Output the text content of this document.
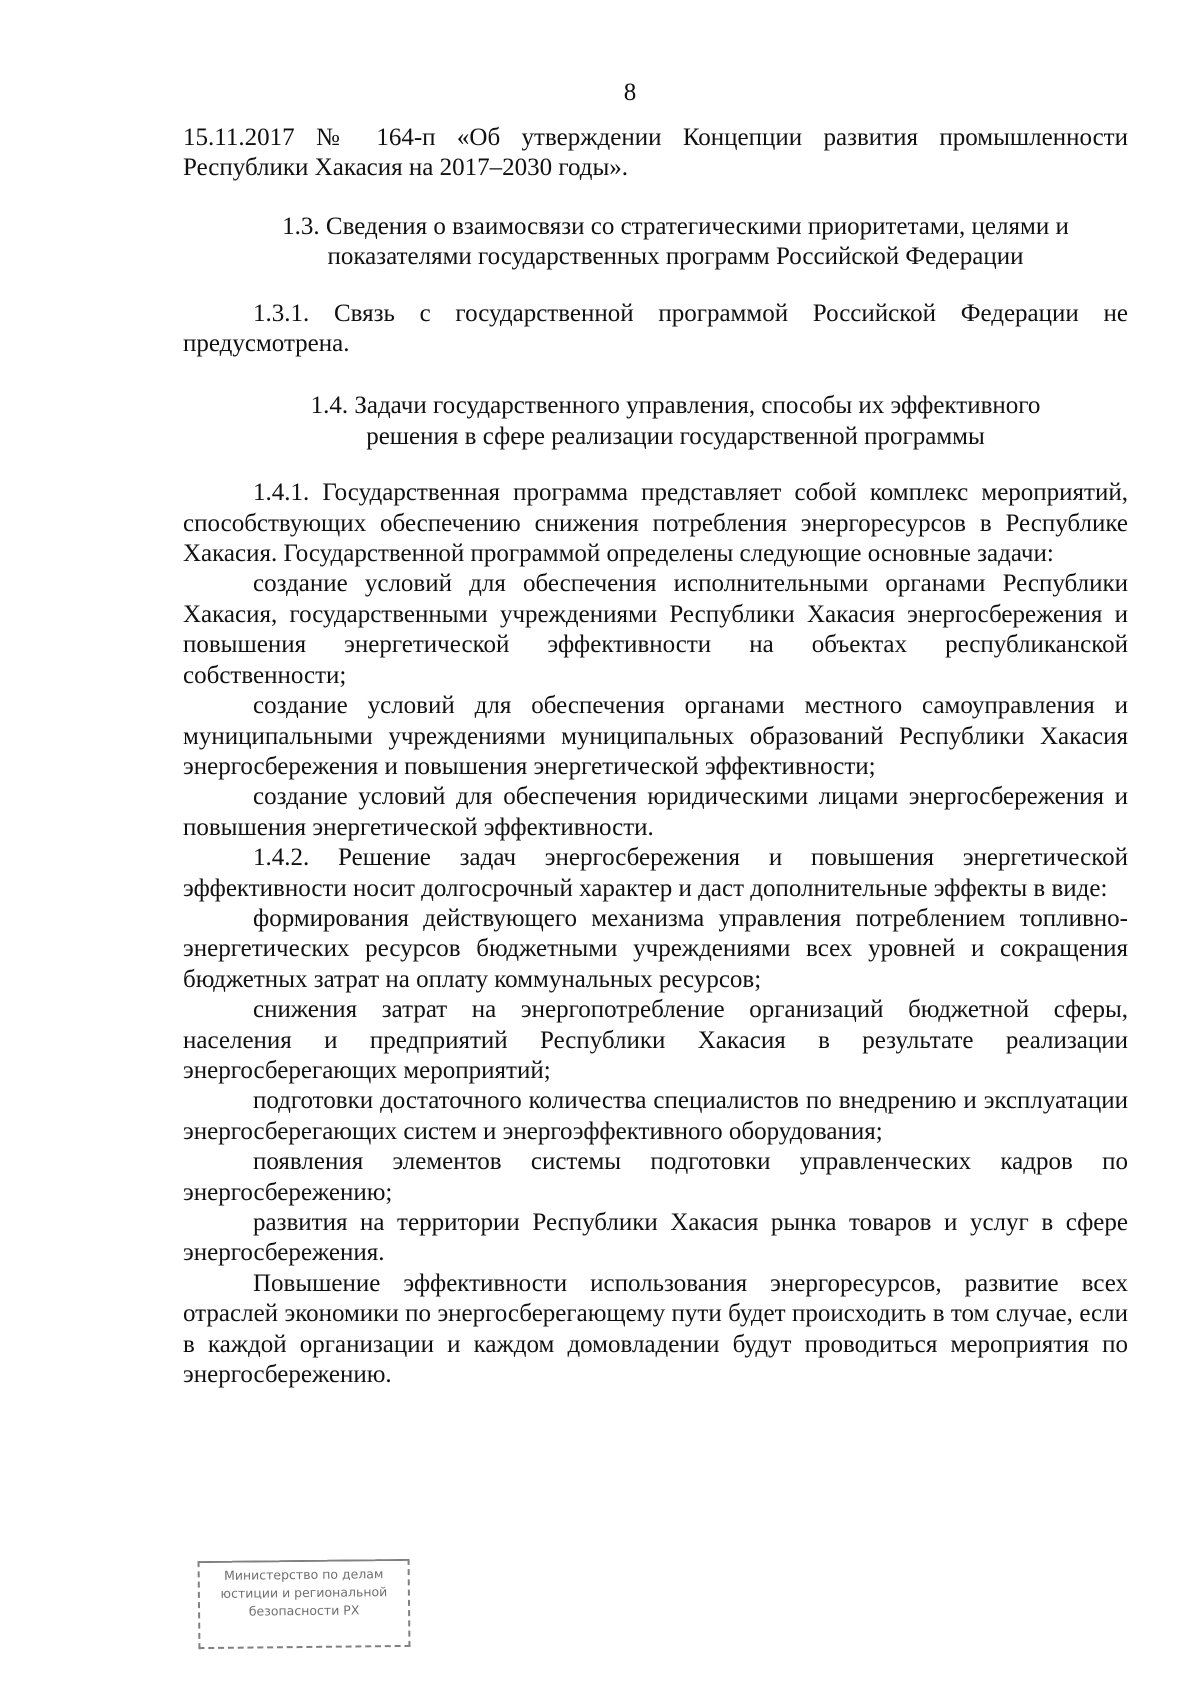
8

15.11.2017 № 164-п «Об утверждении Концепции развития промышленности Республики Хакасия на 2017–2030 годы».

1.3. Сведения о взаимосвязи со стратегическими приоритетами, целями и

показателями государственных программ Российской Федерации

1.3.1. Связь с государственной программой Российской Федерации не предусмотрена.

1.4. Задачи государственного управления, способы их эффективного

решения в сфере реализации государственной программы

1.4.1. Государственная программа представляет собой комплекс мероприятий, способствующих обеспечению снижения потребления энергоресурсов в Республике Хакасия. Государственной программой определены следующие основные задачи:

создание условий для обеспечения исполнительными органами Республики Хакасия, государственными учреждениями Республики Хакасия энергосбережения и повышения энергетической эффективности на объектах республиканской собственности;

создание условий для обеспечения органами местного самоуправления и муниципальными учреждениями муниципальных образований Республики Хакасия энергосбережения и повышения энергетической эффективности;

создание условий для обеспечения юридическими лицами энергосбережения и повышения энергетической эффективности.

1.4.2. Решение задач энергосбережения и повышения энергетической эффективности носит долгосрочный характер и даст дополнительные эффекты в виде:

формирования действующего механизма управления потреблением топливно-энергетических ресурсов бюджетными учреждениями всех уровней и сокращения бюджетных затрат на оплату коммунальных ресурсов;

снижения затрат на энергопотребление организаций бюджетной сферы, населения и предприятий Республики Хакасия в результате реализации энергосберегающих мероприятий;

подготовки достаточного количества специалистов по внедрению и эксплуатации энергосберегающих систем и энергоэффективного оборудования;

появления элементов системы подготовки управленческих кадров по энергосбережению;

развития на территории Республики Хакасия рынка товаров и услуг в сфере энергосбережения.

Повышение эффективности использования энергоресурсов, развитие всех отраслей экономики по энергосберегающему пути будет происходить в том случае, если в каждой организации и каждом домовладении будут проводиться мероприятия по энергосбережению.

Министерство по делам
юстиции и региональной
безопасности РХ
